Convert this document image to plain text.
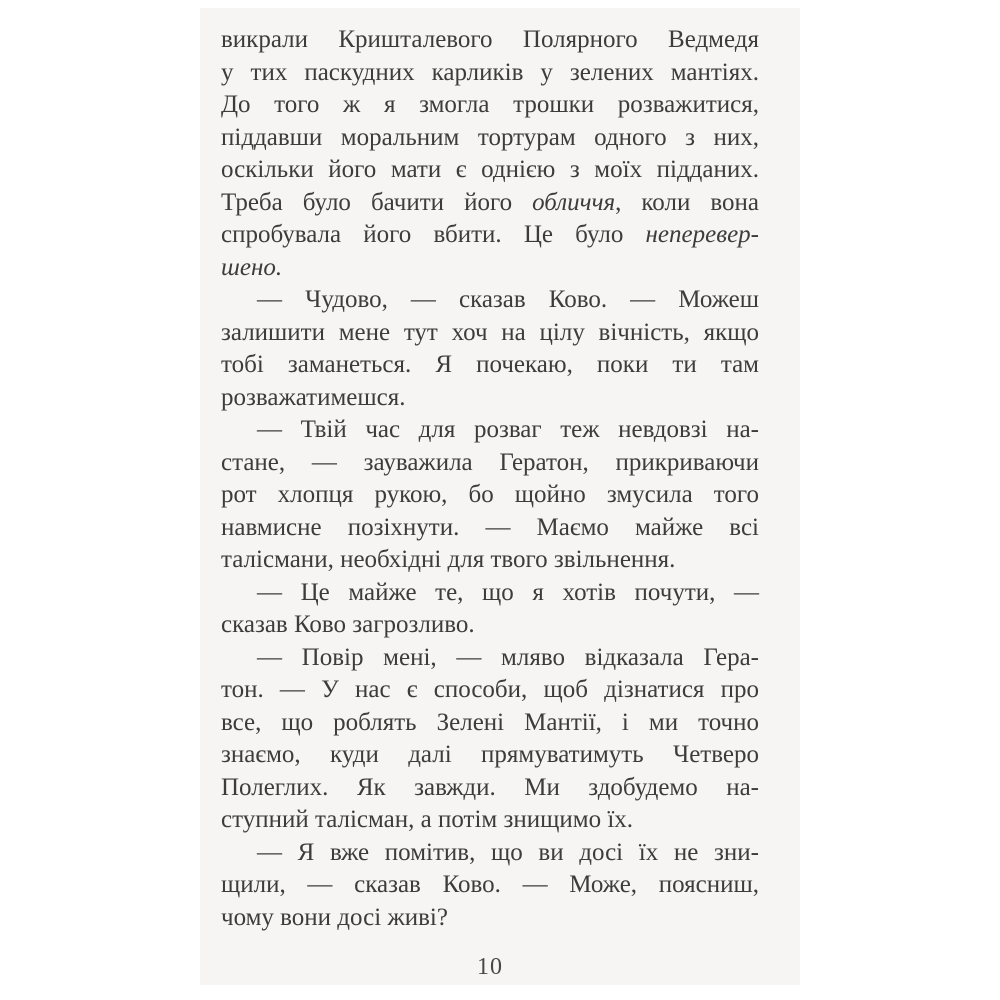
викрали Кришталевого Полярного Ведмедя
у тих паскудних карликів у зелених мантіях.
До того ж я змогла трошки розважитися,
піддавши моральним тортурам одного з них,
оскільки його мати є однією з моїх підданих.
Треба було бачити його обличчя, коли вона
спробувала його вбити. Це було неперевер-
шено.
— Чудово, — сказав Ково. — Можеш
залишити мене тут хоч на цілу вічність, якщо
тобі заманеться. Я почекаю, поки ти там
розважатимешся.
— Твій час для розваг теж невдовзі на-
стане, — зауважила Гератон, прикриваючи
рот хлопця рукою, бо щойно змусила того
навмисне позіхнути. — Маємо майже всі
талісмани, необхідні для твого звільнення.
— Це майже те, що я хотів почути, —
сказав Ково загрозливо.
— Повір мені, — мляво відказала Гера-
тон. — У нас є способи, щоб дізнатися про
все, що роблять Зелені Мантії, і ми точно
знаємо, куди далі прямуватимуть Четверо
Полеглих. Як завжди. Ми здобудемо на-
ступний талісман, а потім знищимо їх.
— Я вже помітив, що ви досі їх не зни-
щили, — сказав Ково. — Може, поясниш,
чому вони досі живі?
10
